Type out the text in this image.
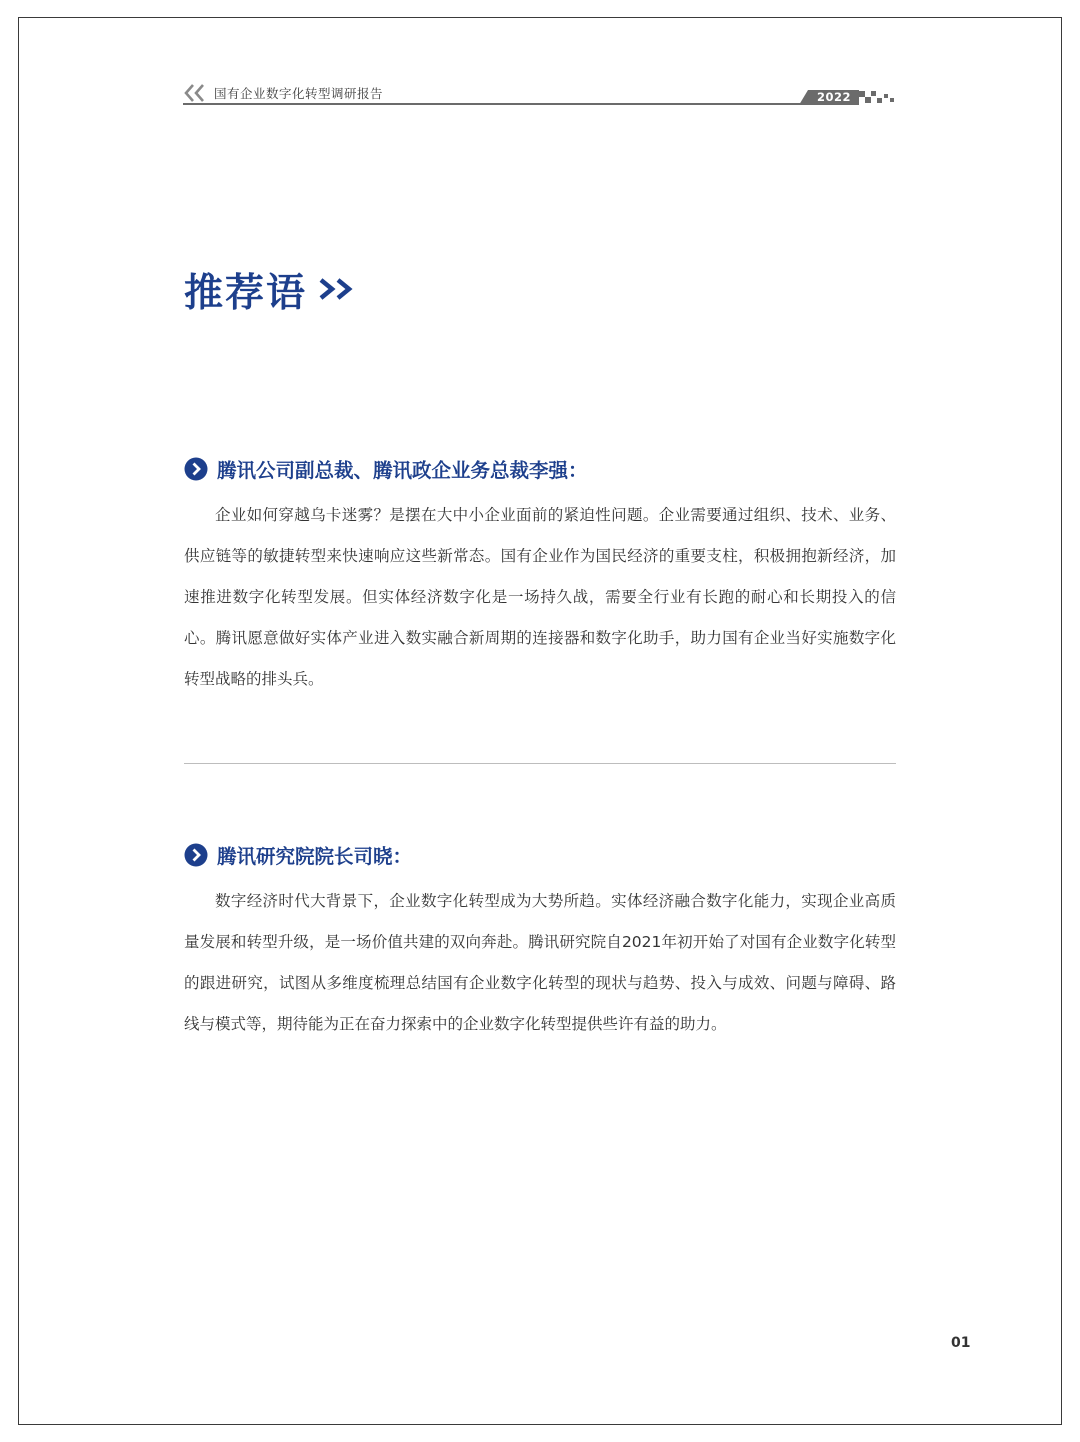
国有企业数字化转型调研报告	2022
推荐语
腾讯公司副总裁、腾讯政企业务总裁李强：

企业如何穿越乌卡迷雾？是摆在大中小企业面前的紧迫性问题。企业需要通过组织、技术、业务、供应链等的敏捷转型来快速响应这些新常态。国有企业作为国民经济的重要支柱，积极拥抱新经济，加速推进数字化转型发展。但实体经济数字化是一场持久战，需要全行业有长跑的耐心和长期投入的信心。腾讯愿意做好实体产业进入数实融合新周期的连接器和数字化助手，助力国有企业当好实施数字化转型战略的排头兵。

腾讯研究院院长司晓：

数字经济时代大背景下，企业数字化转型成为大势所趋。实体经济融合数字化能力，实现企业高质量发展和转型升级，是一场价值共建的双向奔赴。腾讯研究院自2021年初开始了对国有企业数字化转型的跟进研究，试图从多维度梳理总结国有企业数字化转型的现状与趋势、投入与成效、问题与障碍、路线与模式等，期待能为正在奋力探索中的企业数字化转型提供些许有益的助力。

01
